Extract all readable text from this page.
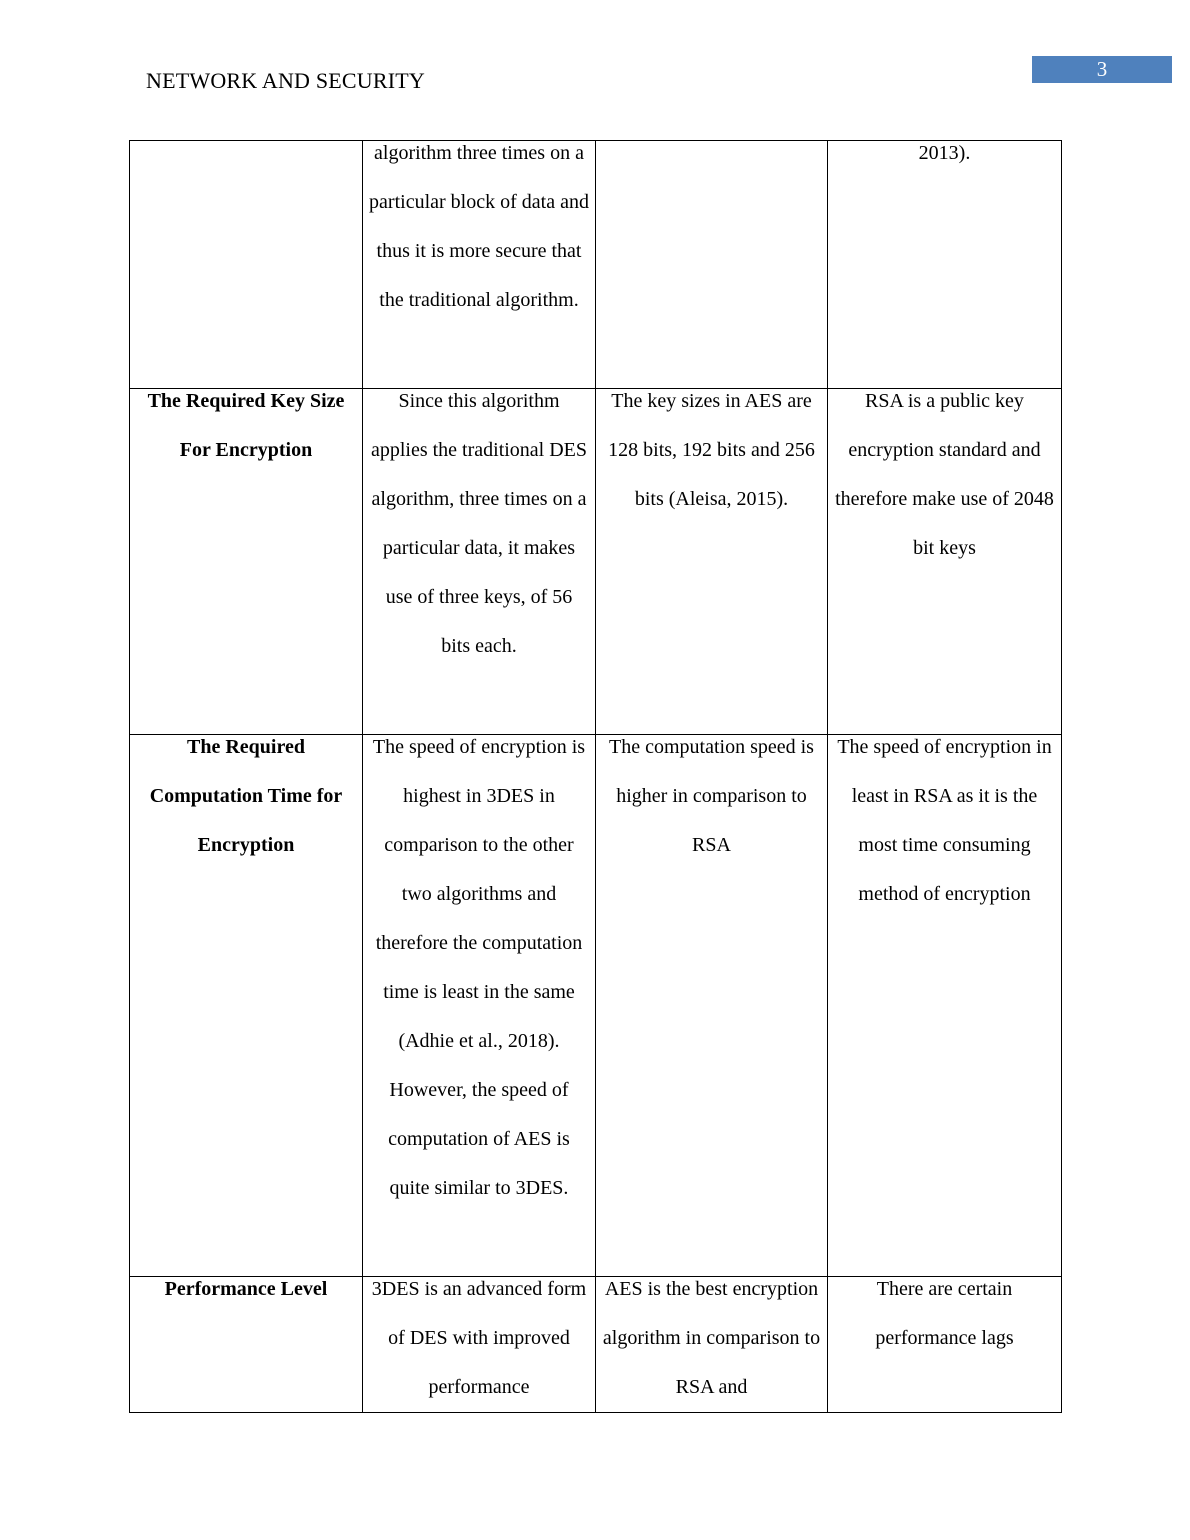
NETWORK AND SECURITY	3

	algorithm three times on a particular block of data and thus it is more secure that the traditional algorithm.		2013).

The Required Key Size For Encryption	Since this algorithm applies the traditional DES algorithm, three times on a particular data, it makes use of three keys, of 56 bits each.	The key sizes in AES are 128 bits, 192 bits and 256 bits (Aleisa, 2015).	RSA is a public key encryption standard and therefore make use of 2048 bit keys

The Required Computation Time for Encryption	The speed of encryption is highest in 3DES in comparison to the other two algorithms and therefore the computation time is least in the same (Adhie et al., 2018). However, the speed of computation of AES is quite similar to 3DES.	The computation speed is higher in comparison to RSA	The speed of encryption in least in RSA as it is the most time consuming method of encryption

Performance Level	3DES is an advanced form of DES with improved performance	AES is the best encryption algorithm in comparison to RSA and	There are certain performance lags
